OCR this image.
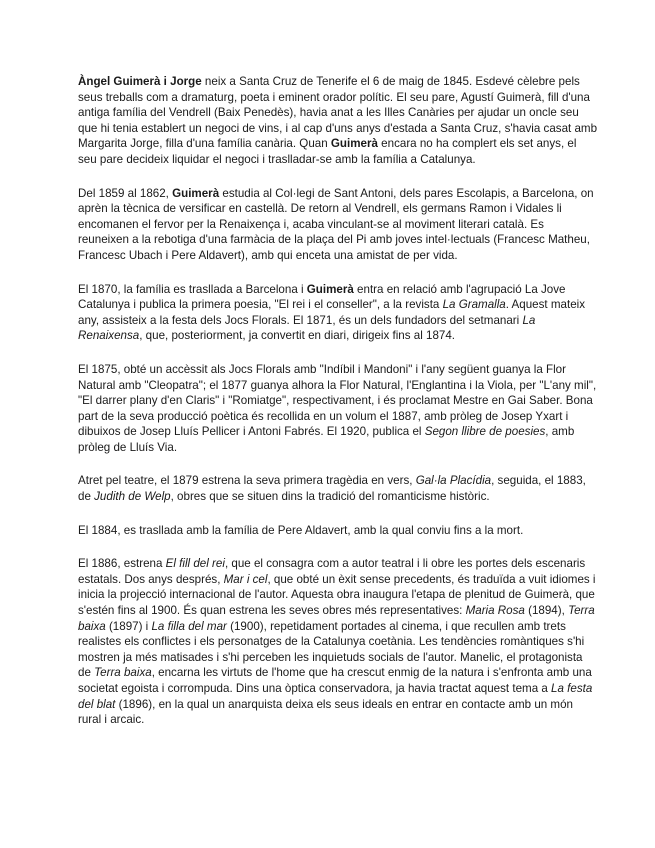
Àngel Guimerà i Jorge neix a Santa Cruz de Tenerife el 6 de maig de 1845. Esdevé cèlebre pels seus treballs com a dramaturg, poeta i eminent orador polític. El seu pare, Agustí Guimerà, fill d'una antiga família del Vendrell (Baix Penedès), havia anat a les Illes Canàries per ajudar un oncle seu que hi tenia establert un negoci de vins, i al cap d'uns anys d'estada a Santa Cruz, s'havia casat amb Margarita Jorge, filla d'una família canària. Quan Guimerà encara no ha complert els set anys, el seu pare decideix liquidar el negoci i traslladar-se amb la família a Catalunya.

Del 1859 al 1862, Guimerà estudia al Col·legi de Sant Antoni, dels pares Escolapis, a Barcelona, on aprèn la tècnica de versificar en castellà. De retorn al Vendrell, els germans Ramon i Vidales li encomanen el fervor per la Renaixença i, acaba vinculant-se al moviment literari català. Es reuneixen a la rebotiga d'una farmàcia de la plaça del Pi amb joves intel·lectuals (Francesc Matheu, Francesc Ubach i Pere Aldavert), amb qui enceta una amistat de per vida.

El 1870, la família es trasllada a Barcelona i Guimerà entra en relació amb l'agrupació La Jove Catalunya i publica la primera poesia, "El rei i el conseller", a la revista La Gramalla. Aquest mateix any, assisteix a la festa dels Jocs Florals. El 1871, és un dels fundadors del setmanari La Renaixensa, que, posteriorment, ja convertit en diari, dirigeix fins al 1874.

El 1875, obté un accèssit als Jocs Florals amb "Indíbil i Mandoni" i l'any següent guanya la Flor Natural amb "Cleopatra"; el 1877 guanya alhora la Flor Natural, l'Englantina i la Viola, per "L'any mil", "El darrer plany d'en Claris" i "Romiatge", respectivament, i és proclamat Mestre en Gai Saber. Bona part de la seva producció poètica és recollida en un volum el 1887, amb pròleg de Josep Yxart i dibuixos de Josep Lluís Pellicer i Antoni Fabrés. El 1920, publica el Segon llibre de poesies, amb pròleg de Lluís Via.

Atret pel teatre, el 1879 estrena la seva primera tragèdia en vers, Gal·la Placídia, seguida, el 1883, de Judith de Welp, obres que se situen dins la tradició del romanticisme històric.

El 1884, es trasllada amb la família de Pere Aldavert, amb la qual conviu fins a la mort.

El 1886, estrena El fill del rei, que el consagra com a autor teatral i li obre les portes dels escenaris estatals. Dos anys després, Mar i cel, que obté un èxit sense precedents, és traduïda a vuit idiomes i inicia la projecció internacional de l'autor. Aquesta obra inaugura l'etapa de plenitud de Guimerà, que s'estén fins al 1900. És quan estrena les seves obres més representatives: Maria Rosa (1894), Terra baixa (1897) i La filla del mar (1900), repetidament portades al cinema, i que recullen amb trets realistes els conflictes i els personatges de la Catalunya coetània. Les tendències romàntiques s'hi mostren ja més matisades i s'hi perceben les inquietuds socials de l'autor. Manelic, el protagonista de Terra baixa, encarna les virtuts de l'home que ha crescut enmig de la natura i s'enfronta amb una societat egoista i corrompuda. Dins una òptica conservadora, ja havia tractat aquest tema a La festa del blat (1896), en la qual un anarquista deixa els seus ideals en entrar en contacte amb un món rural i arcaic.
